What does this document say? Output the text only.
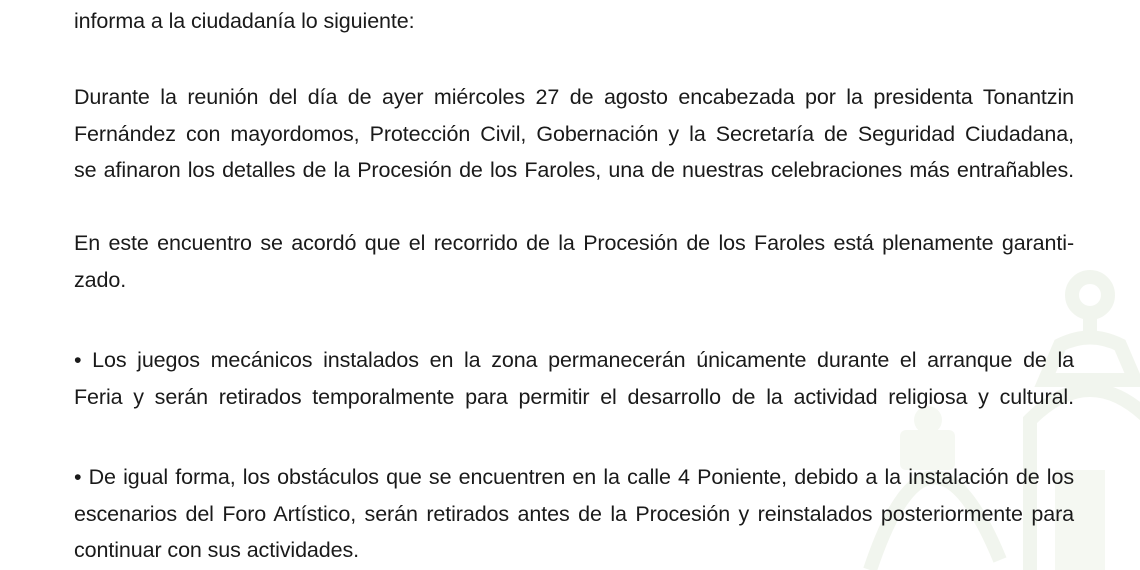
informa a la ciudadanía lo siguiente:

Durante la reunión del día de ayer miércoles 27 de agosto encabezada por la presidenta Tonantzin
Fernández con mayordomos, Protección Civil, Gobernación y la Secretaría de Seguridad Ciudadana,
se afinaron los detalles de la Procesión de los Faroles, una de nuestras celebraciones más entrañables.

En este encuentro se acordó que el recorrido de la Procesión de los Faroles está plenamente garanti-
zado.

• Los juegos mecánicos instalados en la zona permanecerán únicamente durante el arranque de la
Feria y serán retirados temporalmente para permitir el desarrollo de la actividad religiosa y cultural.

• De igual forma, los obstáculos que se encuentren en la calle 4 Poniente, debido a la instalación de los
escenarios del Foro Artístico, serán retirados antes de la Procesión y reinstalados posteriormente para
continuar con sus actividades.
